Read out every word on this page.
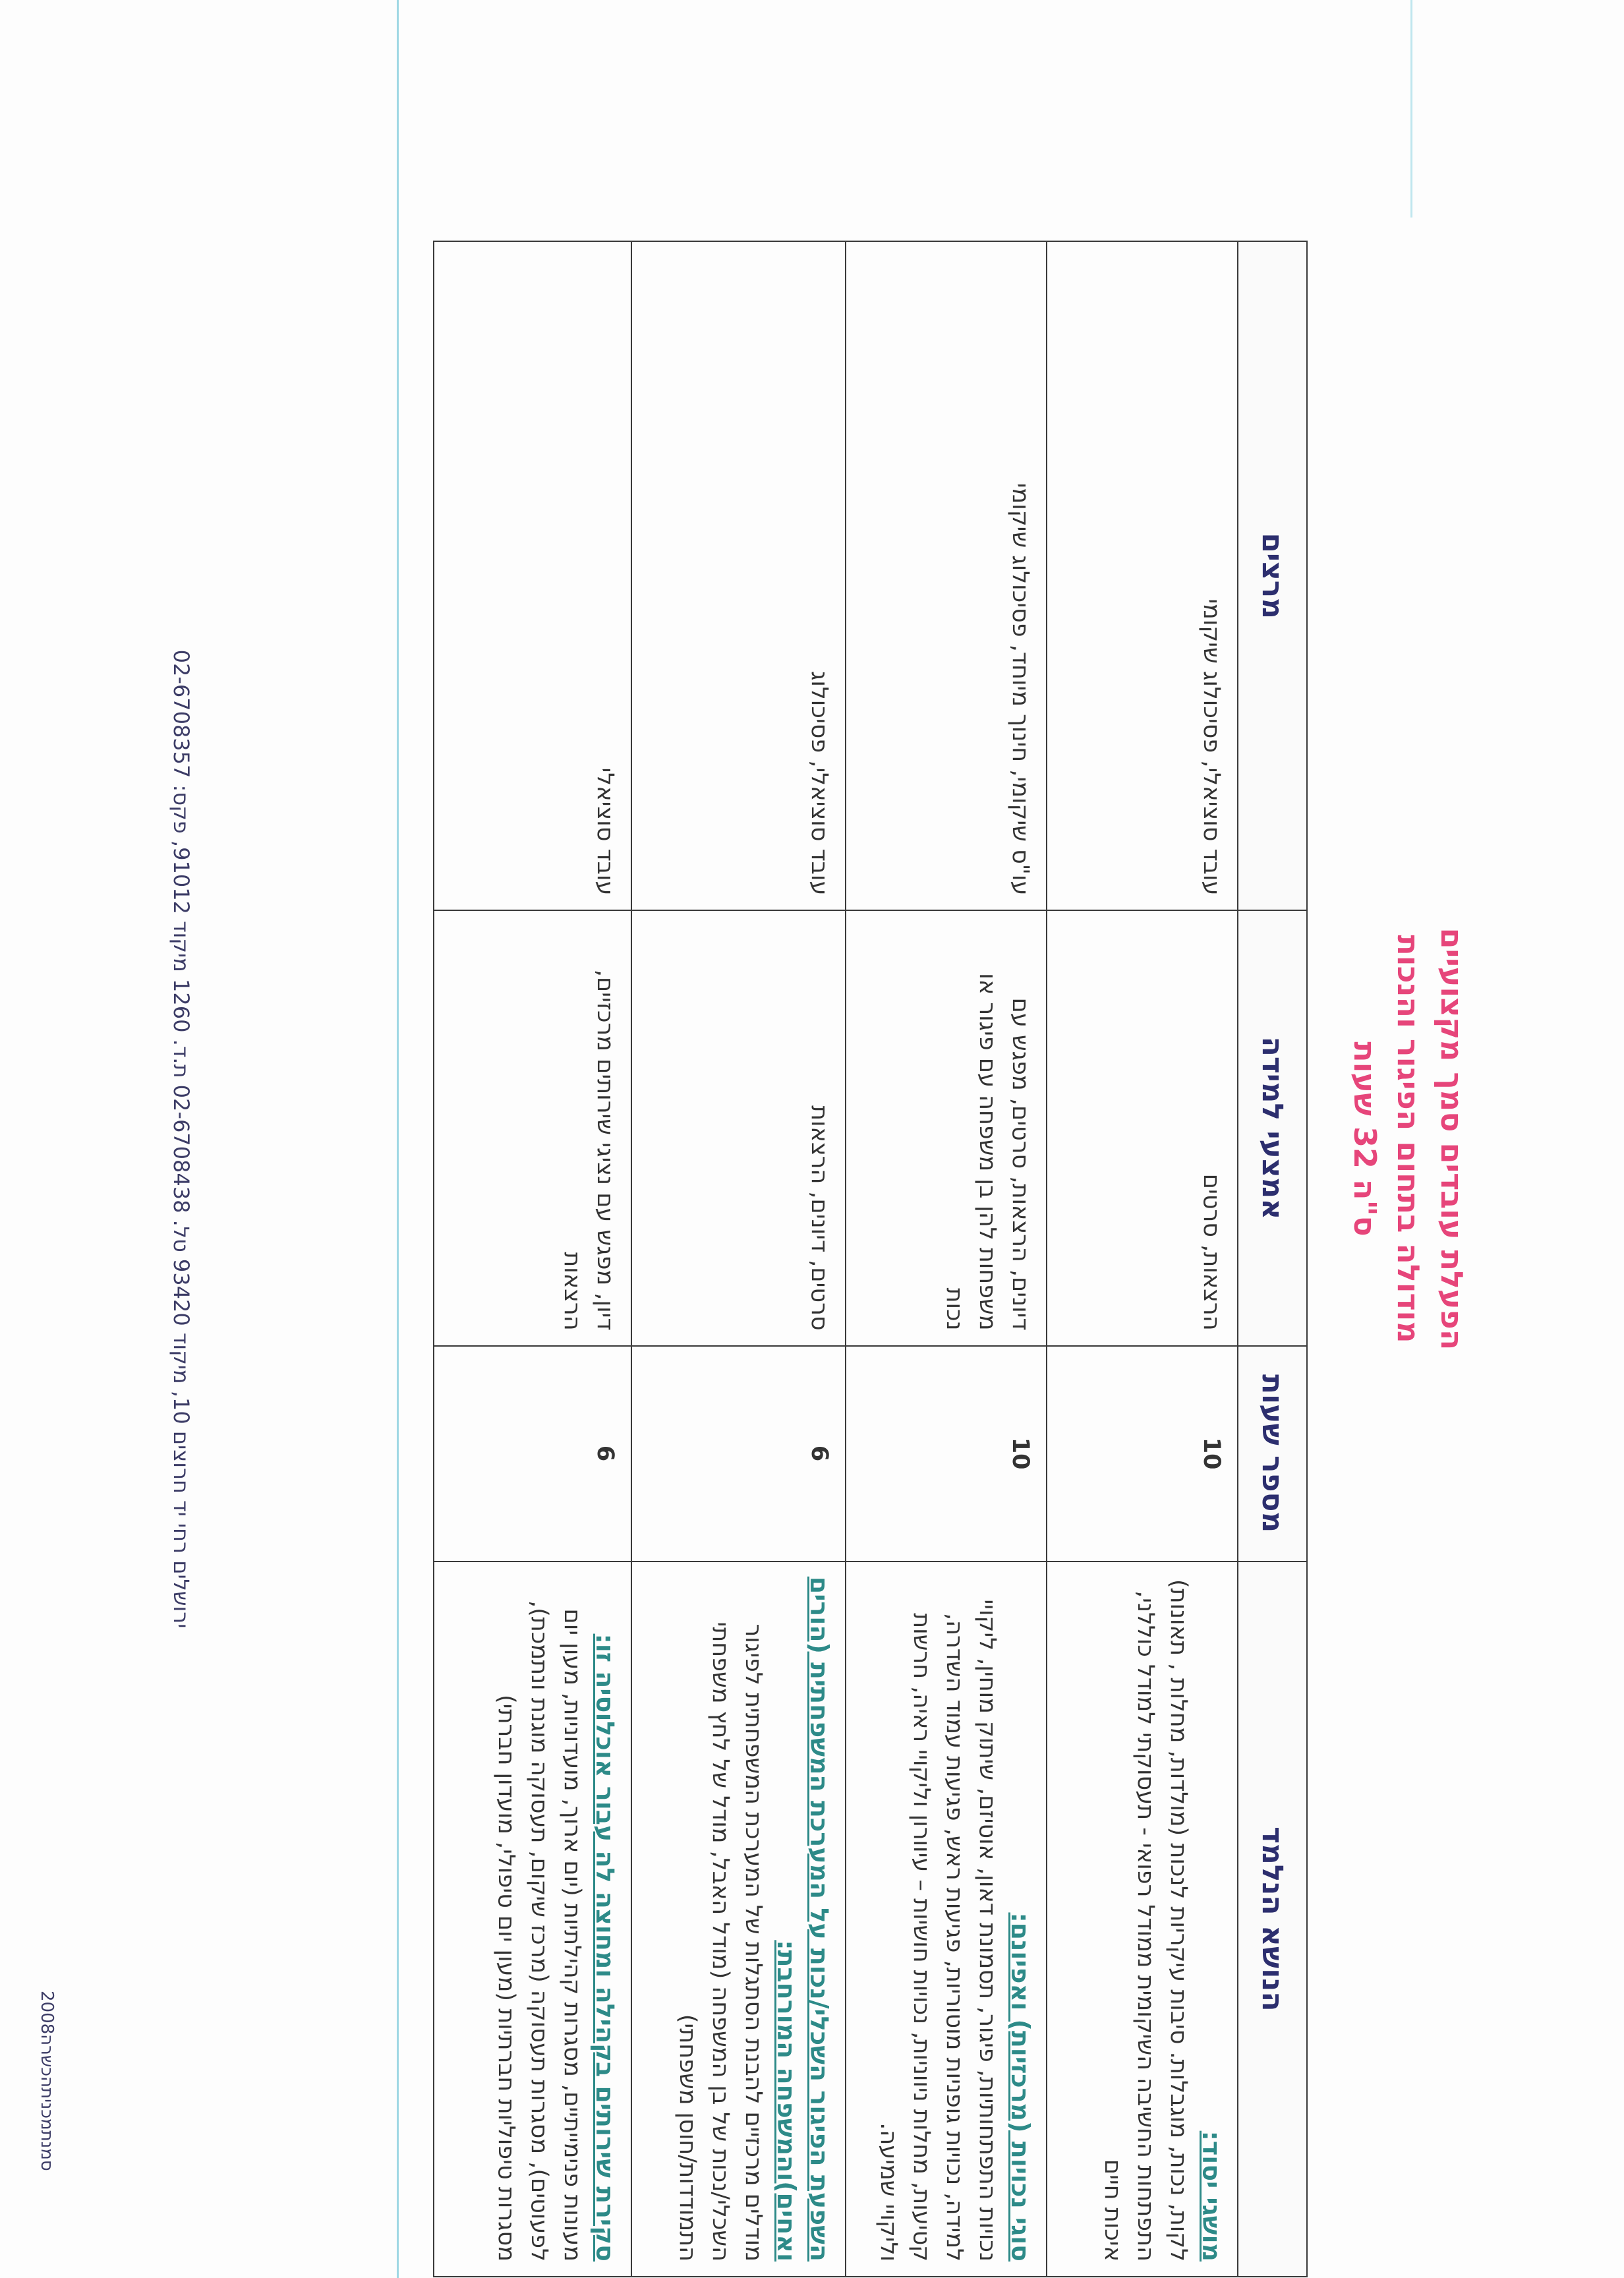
הפעלת עובדים סמך מקצועיים
מודולה בתחום הפיגור והנכות
ס"ה 32 שעות
הנושא הנלמד	מספר שעות	אמצעי למידה	מרצים

מושגי יסוד:
לקות, נכות, מוגבלות. סיבות עיקריות לנכות (מולדות, מחלות , תאונות) התפתחות החשיבה השיקומית ממודל רפואי - תעסוקתי למודל כוללני, איכות חיים	10	הרצאות, סרטים	עובד סוציאלי, פסיכולוג שיקומי

סוגי נכויות (מרכזיות) ואפיונם:
נכויות התפתחותיות, פיגור, תסמונת דאון, אוטיזם, שיתוק מוחין, ליקויי למידה, נכויות גופניות מוטוריות, פגיעות ראש, פגיעות עמוד השדרה, קטיעות, מחלות ניווניות, נכויות חושיות – עיוורון וליקויי ראיה, חרשות וליקויי שמיעה.	10	דיונים, הרצאות, סרטים, מפגש עם משפחות להן בן משפחה עם פיגור או נכות	עו"ס שיקומי, חינוך מיוחד, פסיכולוג שיקומי

השפעת הפיגור השכלי/נכות על המערכת המשפחתית (הורים ואחים)והמשפחה המורחבת:
מודלים מרכזיים להבנת הסתגלות של המערכת המשפחתית לפיגור השכלי/נכות של בן המשפחה (מודל האבל, מודל של לחץ משפחתי התמודדות/חוסן משפחתי)	6	סרטים, דיונים, הרצאות	עובד סוציאלי, פסיכולוג

סקירת שירותים בקהילה ומחוצה לה עבור אוכלוסיה זו:
מעונות פנימייתיים, מסגרות קהילתיות (יום ארוך, מועדוניות, מעון יום לפעוטים), מסגרות תעסוקה (מרכז שיקום, תעסוקה מוגנת ונתמכת), מסגרות טיפוליות חברתיות (מעון יום טיפולי, מועדון חברתי)	6	דיון, מפגש עם נציגי שירותים מרכזיים, הרצאות	עובד סוציאלי
ירושלים רחי יד חרוצים 10, מיקוד 93420 טל. 02-6708438 ת.ד. 1260 מיקוד 91012, פקס: 02-6708357
2008סמנתמכניתהכשרה
